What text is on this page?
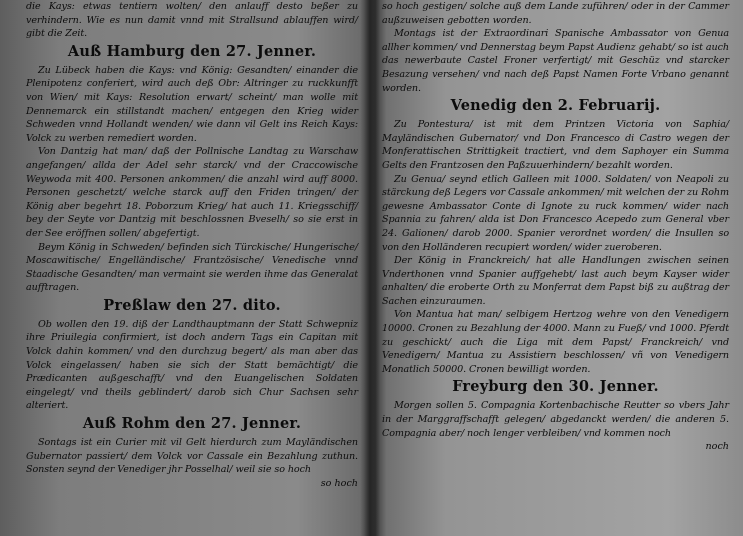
die Kays: etwas tentiern wolten/ den anlauff desto beßer zu verhindern. Wie es nun damit vnnd mit Strallsund ablauffen wird/ gibt die Zeit.

Auß Hamburg den 27. Jenner.

Zu Lübeck haben die Kays: vnd König: Gesandten/ einander die Plenipotenz conferiert, wird auch deß Obr: Altringer zu ruckkunfft von Wien/ mit Kays: Resolution erwart/ scheint/ man wolle mit Dennemarck ein stillstandt machen/ entgegen den Krieg wider Schweden vnnd Hollandt wenden/ wie dann vil Gelt ins Reich Kays: Volck zu werben remediert worden.

Von Dantzig hat man/ daß der Pollnische Landtag zu Warschaw angefangen/ allda der Adel sehr starck/ vnd der Craccowische Weywoda mit 400. Personen ankommen/ die anzahl wird auff 8000. Personen geschetzt/ welche starck auff den Friden tringen/ der König aber begehrt 18. Poborzum Krieg/ hat auch 11. Kriegsschiff/ bey der Seyte vor Dantzig mit beschlossnen Bveselh/ so sie erst in der See eröffnen sollen/ abgefertigt.

Beym König in Schweden/ befinden sich Türckische/ Hungerische/ Moscawitische/ Engelländische/ Frantzösische/ Venedische vnnd Staadische Gesandten/ man vermaint sie werden ihme das Generalat aufftragen.

Preßlaw den 27. dito.

Ob wollen den 19. diß der Landthauptmann der Statt Schwepniz ihre Priuilegia confirmiert, ist doch andern Tags ein Capitan mit Volck dahin kommen/ vnd den durchzug begert/ als man aber das Volck eingelassen/ haben sie sich der Statt bemächtigt/ die Prædicanten außgeschafft/ vnd den Euangelischen Soldaten eingelegt/ vnd theils geblindert/ darob sich Chur Sachsen sehr alteriert.

Auß Rohm den 27. Jenner.

Sontags ist ein Curier mit vil Gelt hierdurch zum Mayländischen Gubernator passiert/ dem Volck vor Cassale ein Bezahlung zuthun. Sonsten seynd der Venediger jhr Posselhal/ weil sie so hoch

so hoch

so hoch gestigen/ solche auß dem Lande zuführen/ oder in der Cammer außzuweisen gebotten worden.

Montags ist der Extraordinari Spanische Ambassator von Genua allher kommen/ vnd Dennerstag beym Papst Audienz gehabt/ so ist auch das newerbaute Castel Froner verfertigt/ mit Geschüz vnd starcker Besazung versehen/ vnd nach deß Papst Namen Forte Vrbano genannt worden.

Venedig den 2. Februarij.

Zu Pontestura/ ist mit dem Printzen Victoria von Saphia/ Mayländischen Gubernator/ vnd Don Francesco di Castro wegen der Monferattischen Strittigkeit tractiert, vnd dem Saphoyer ein Summa Gelts den Frantzosen den Paßzuuerhindern/ bezahlt worden.

Zu Genua/ seynd etlich Galleen mit 1000. Soldaten/ von Neapoli zu stärckung deß Legers vor Cassale ankommen/ mit welchen der zu Rohm gewesne Ambassator Conte di Ignote zu ruck kommen/ wider nach Spannia zu fahren/ alda ist Don Francesco Acepedo zum General vber 24. Galionen/ darob 2000. Spanier verordnet worden/ die Insullen so von den Holländeren recupiert worden/ wider zueroberen.

Der König in Franckreich/ hat alle Handlungen zwischen seinen Vnderthonen vnnd Spanier auffgehebt/ last auch beym Kayser wider anhalten/ die eroberte Orth zu Monferrat dem Papst biß zu außtrag der Sachen einzuraumen.

Von Mantua hat man/ selbigem Hertzog wehre von den Venedigern 10000. Cronen zu Bezahlung der 4000. Mann zu Fueß/ vnd 1000. Pferdt zu geschickt/ auch die Liga mit dem Papst/ Franckreich/ vnd Venedigern/ Mantua zu Assistiern beschlossen/ vñ von Venedigern Monatlich 50000. Cronen bewilligt worden.

Freyburg den 30. Jenner.

Morgen sollen 5. Compagnia Kortenbachische Reutter so vbers Jahr in der Marggraffschafft gelegen/ abgedanckt werden/ die anderen 5. Compagnia aber/ noch lenger verbleiben/ vnd kommen noch

noch
